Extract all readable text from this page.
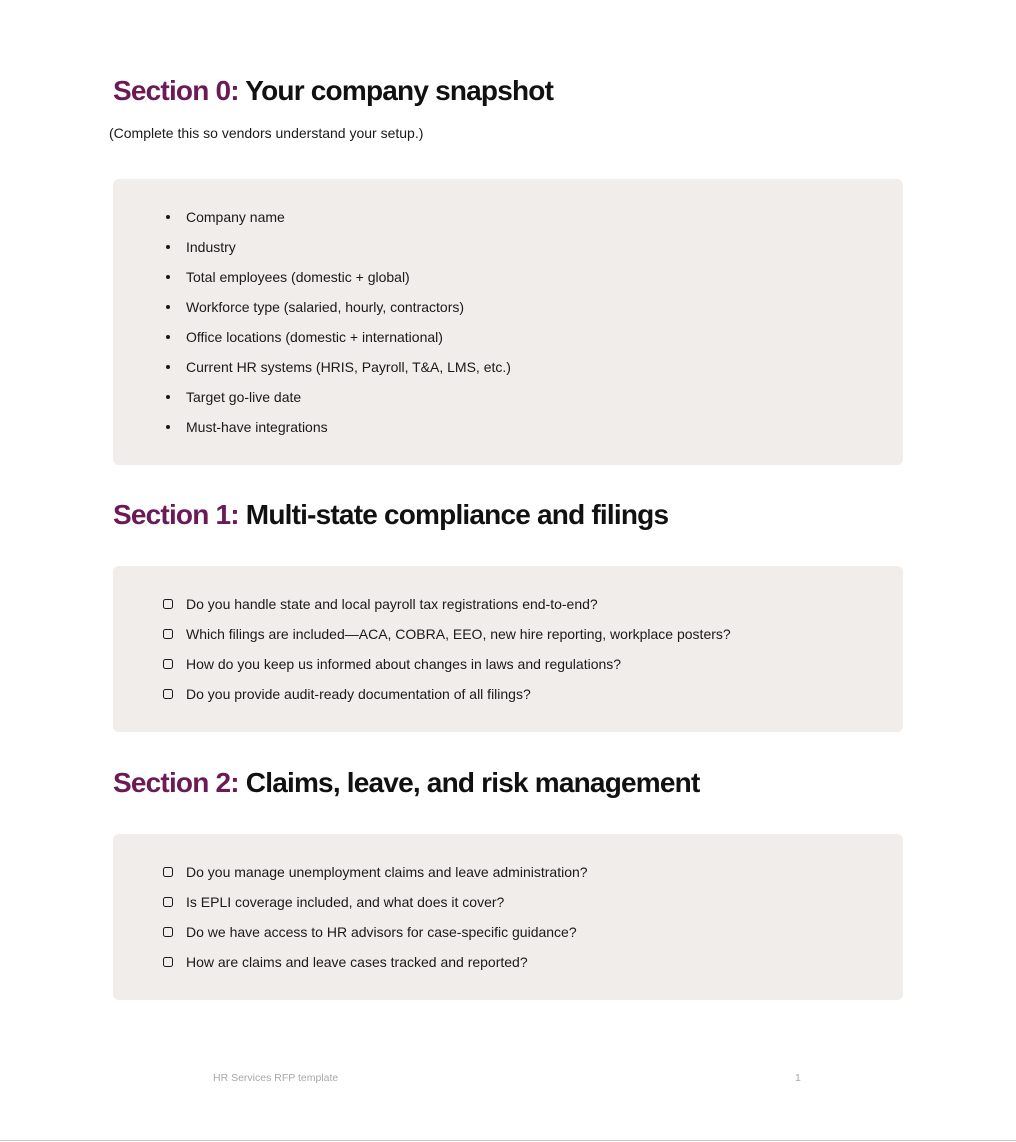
Section 0: Your company snapshot

(Complete this so vendors understand your setup.)

Company name
Industry
Total employees (domestic + global)
Workforce type (salaried, hourly, contractors)
Office locations (domestic + international)
Current HR systems (HRIS, Payroll, T&A, LMS, etc.)
Target go-live date
Must-have integrations
Section 1: Multi-state compliance and filings
Do you handle state and local payroll tax registrations end-to-end?
Which filings are included—ACA, COBRA, EEO, new hire reporting, workplace posters?
How do you keep us informed about changes in laws and regulations?
Do you provide audit-ready documentation of all filings?
Section 2: Claims, leave, and risk management
Do you manage unemployment claims and leave administration?
Is EPLI coverage included, and what does it cover?
Do we have access to HR advisors for case-specific guidance?
How are claims and leave cases tracked and reported?
HR Services RFP template	1
